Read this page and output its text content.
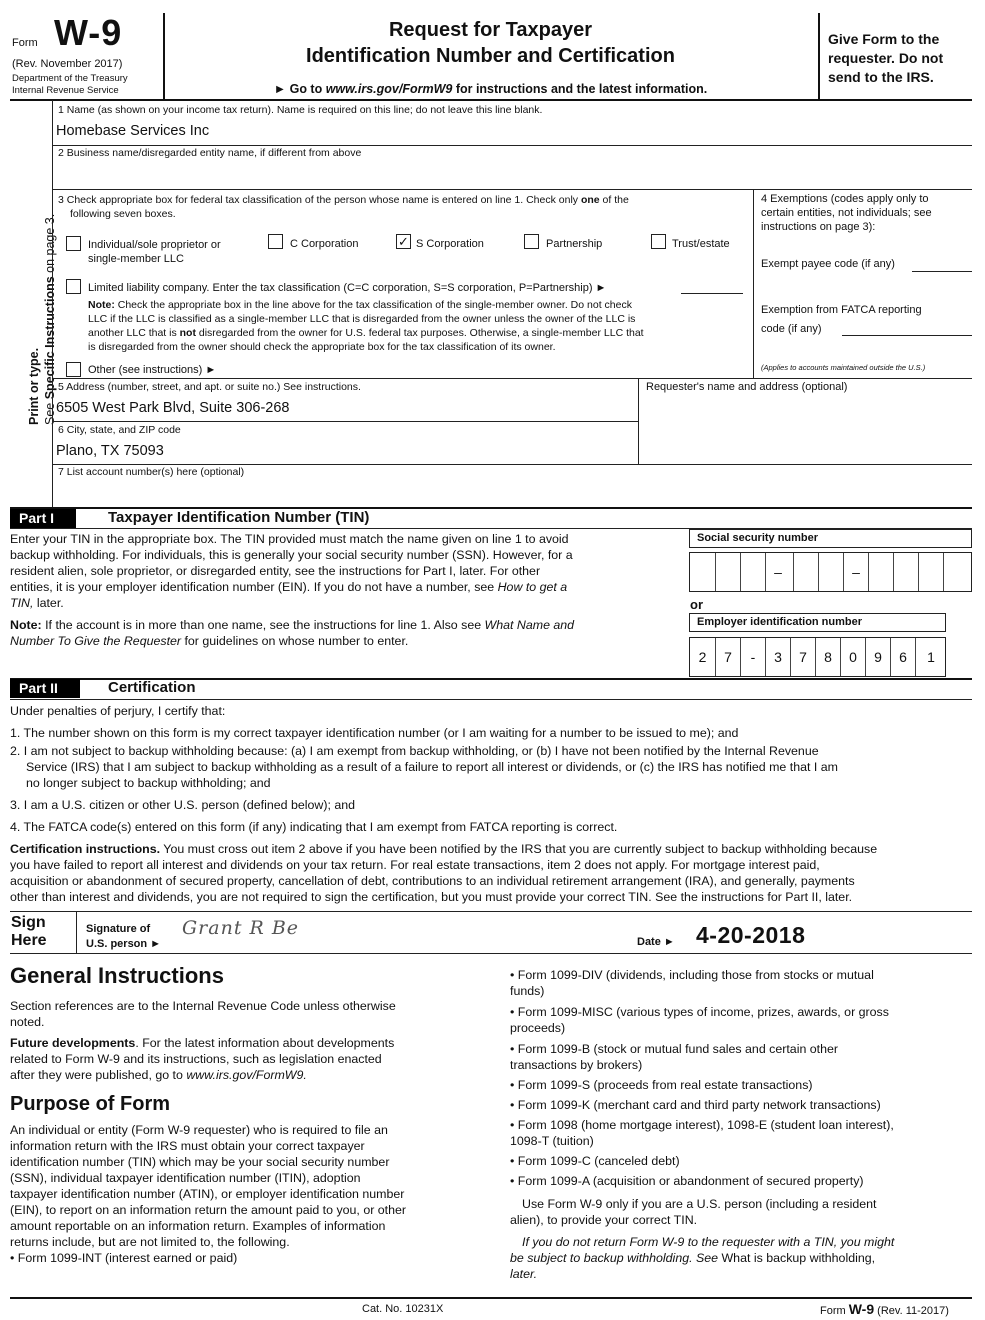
Form W-9
(Rev. November 2017)
Department of the Treasury
Internal Revenue Service
Request for Taxpayer
Identification Number and Certification
► Go to www.irs.gov/FormW9 for instructions and the latest information.
Give Form to the
requester. Do not
send to the IRS.
Print or type. See Specific Instructions on page 3.
1 Name (as shown on your income tax return). Name is required on this line; do not leave this line blank.
Homebase Services Inc
2 Business name/disregarded entity name, if different from above
3 Check appropriate box for federal tax classification of the person whose name is entered on line 1. Check only one of the
following seven boxes.
Individual/sole proprietor or
single-member LLC
C Corporation	✓ S Corporation	Partnership	Trust/estate
Limited liability company. Enter the tax classification (C=C corporation, S=S corporation, P=Partnership) ►
Note: Check the appropriate box in the line above for the tax classification of the single-member owner. Do not check
LLC if the LLC is classified as a single-member LLC that is disregarded from the owner unless the owner of the LLC is
another LLC that is not disregarded from the owner for U.S. federal tax purposes. Otherwise, a single-member LLC that
is disregarded from the owner should check the appropriate box for the tax classification of its owner.
Other (see instructions) ►
4 Exemptions (codes apply only to
certain entities, not individuals; see
instructions on page 3):
Exempt payee code (if any)
Exemption from FATCA reporting
code (if any)
(Applies to accounts maintained outside the U.S.)
5 Address (number, street, and apt. or suite no.) See instructions.
6505 West Park Blvd, Suite 306-268
Requester's name and address (optional)
6 City, state, and ZIP code
Plano, TX 75093
7 List account number(s) here (optional)
Part I	Taxpayer Identification Number (TIN)
Enter your TIN in the appropriate box. The TIN provided must match the name given on line 1 to avoid
backup withholding. For individuals, this is generally your social security number (SSN). However, for a
resident alien, sole proprietor, or disregarded entity, see the instructions for Part I, later. For other
entities, it is your employer identification number (EIN). If you do not have a number, see How to get a
TIN, later.
Note: If the account is in more than one name, see the instructions for line 1. Also see What Name and
Number To Give the Requester for guidelines on whose number to enter.
Social security number
–	–
or
Employer identification number
2	7	-	3	7	8	0	9	6	1
Part II	Certification
Under penalties of perjury, I certify that:
1. The number shown on this form is my correct taxpayer identification number (or I am waiting for a number to be issued to me); and
2. I am not subject to backup withholding because: (a) I am exempt from backup withholding, or (b) I have not been notified by the Internal Revenue
Service (IRS) that I am subject to backup withholding as a result of a failure to report all interest or dividends, or (c) the IRS has notified me that I am
no longer subject to backup withholding; and
3. I am a U.S. citizen or other U.S. person (defined below); and
4. The FATCA code(s) entered on this form (if any) indicating that I am exempt from FATCA reporting is correct.
Certification instructions. You must cross out item 2 above if you have been notified by the IRS that you are currently subject to backup withholding because
you have failed to report all interest and dividends on your tax return. For real estate transactions, item 2 does not apply. For mortgage interest paid,
acquisition or abandonment of secured property, cancellation of debt, contributions to an individual retirement arrangement (IRA), and generally, payments
other than interest and dividends, you are not required to sign the certification, but you must provide your correct TIN. See the instructions for Part II, later.
Sign
Here
Signature of
U.S. person ►
Grant R Be
Date ► 4-20-2018
General Instructions
Section references are to the Internal Revenue Code unless otherwise
noted.
Future developments. For the latest information about developments
related to Form W-9 and its instructions, such as legislation enacted
after they were published, go to www.irs.gov/FormW9.
Purpose of Form
An individual or entity (Form W-9 requester) who is required to file an
information return with the IRS must obtain your correct taxpayer
identification number (TIN) which may be your social security number
(SSN), individual taxpayer identification number (ITIN), adoption
taxpayer identification number (ATIN), or employer identification number
(EIN), to report on an information return the amount paid to you, or other
amount reportable on an information return. Examples of information
returns include, but are not limited to, the following.
• Form 1099-INT (interest earned or paid)
• Form 1099-DIV (dividends, including those from stocks or mutual
funds)
• Form 1099-MISC (various types of income, prizes, awards, or gross
proceeds)
• Form 1099-B (stock or mutual fund sales and certain other
transactions by brokers)
• Form 1099-S (proceeds from real estate transactions)
• Form 1099-K (merchant card and third party network transactions)
• Form 1098 (home mortgage interest), 1098-E (student loan interest),
1098-T (tuition)
• Form 1099-C (canceled debt)
• Form 1099-A (acquisition or abandonment of secured property)
Use Form W-9 only if you are a U.S. person (including a resident
alien), to provide your correct TIN.
If you do not return Form W-9 to the requester with a TIN, you might
be subject to backup withholding. See What is backup withholding,
later.
Cat. No. 10231X	Form W-9 (Rev. 11-2017)
